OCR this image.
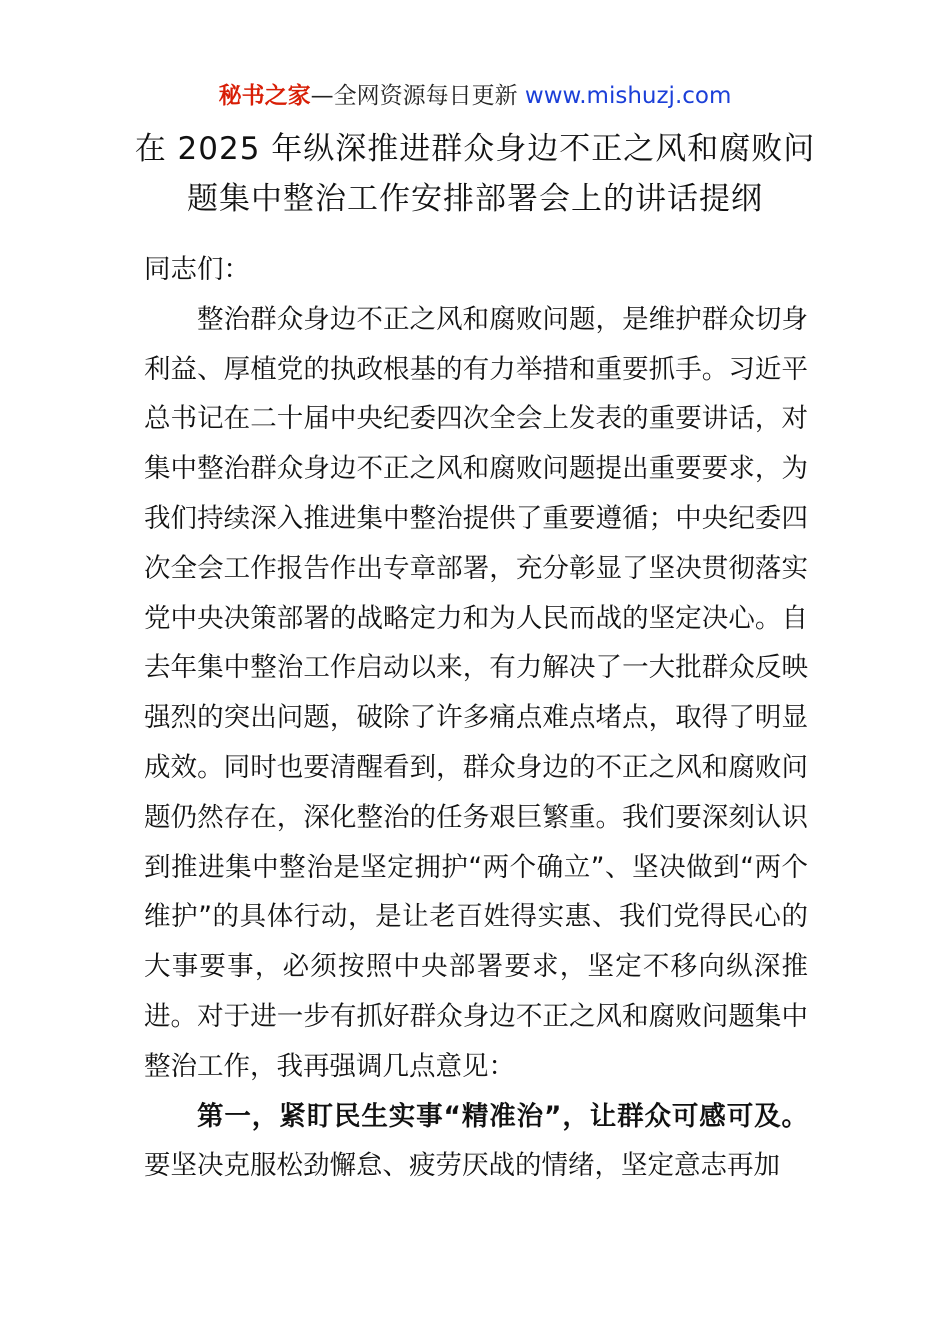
秘书之家—全网资源每日更新 www.mishuzj.com
在 2025 年纵深推进群众身边不正之风和腐败问题集中整治工作安排部署会上的讲话提纲

同志们：

整治群众身边不正之风和腐败问题，是维护群众切身利益、厚植党的执政根基的有力举措和重要抓手。习近平总书记在二十届中央纪委四次全会上发表的重要讲话，对集中整治群众身边不正之风和腐败问题提出重要要求，为我们持续深入推进集中整治提供了重要遵循；中央纪委四次全会工作报告作出专章部署，充分彰显了坚决贯彻落实党中央决策部署的战略定力和为人民而战的坚定决心。自去年集中整治工作启动以来，有力解决了一大批群众反映强烈的突出问题，破除了许多痛点难点堵点，取得了明显成效。同时也要清醒看到，群众身边的不正之风和腐败问题仍然存在，深化整治的任务艰巨繁重。我们要深刻认识到推进集中整治是坚定拥护“两个确立”、坚决做到“两个维护”的具体行动，是让老百姓得实惠、我们党得民心的大事要事，必须按照中央部署要求，坚定不移向纵深推进。对于进一步有抓好群众身边不正之风和腐败问题集中整治工作，我再强调几点意见：

第一，紧盯民生实事“精准治”，让群众可感可及。要坚决克服松劲懈怠、疲劳厌战的情绪，坚定意志再加
